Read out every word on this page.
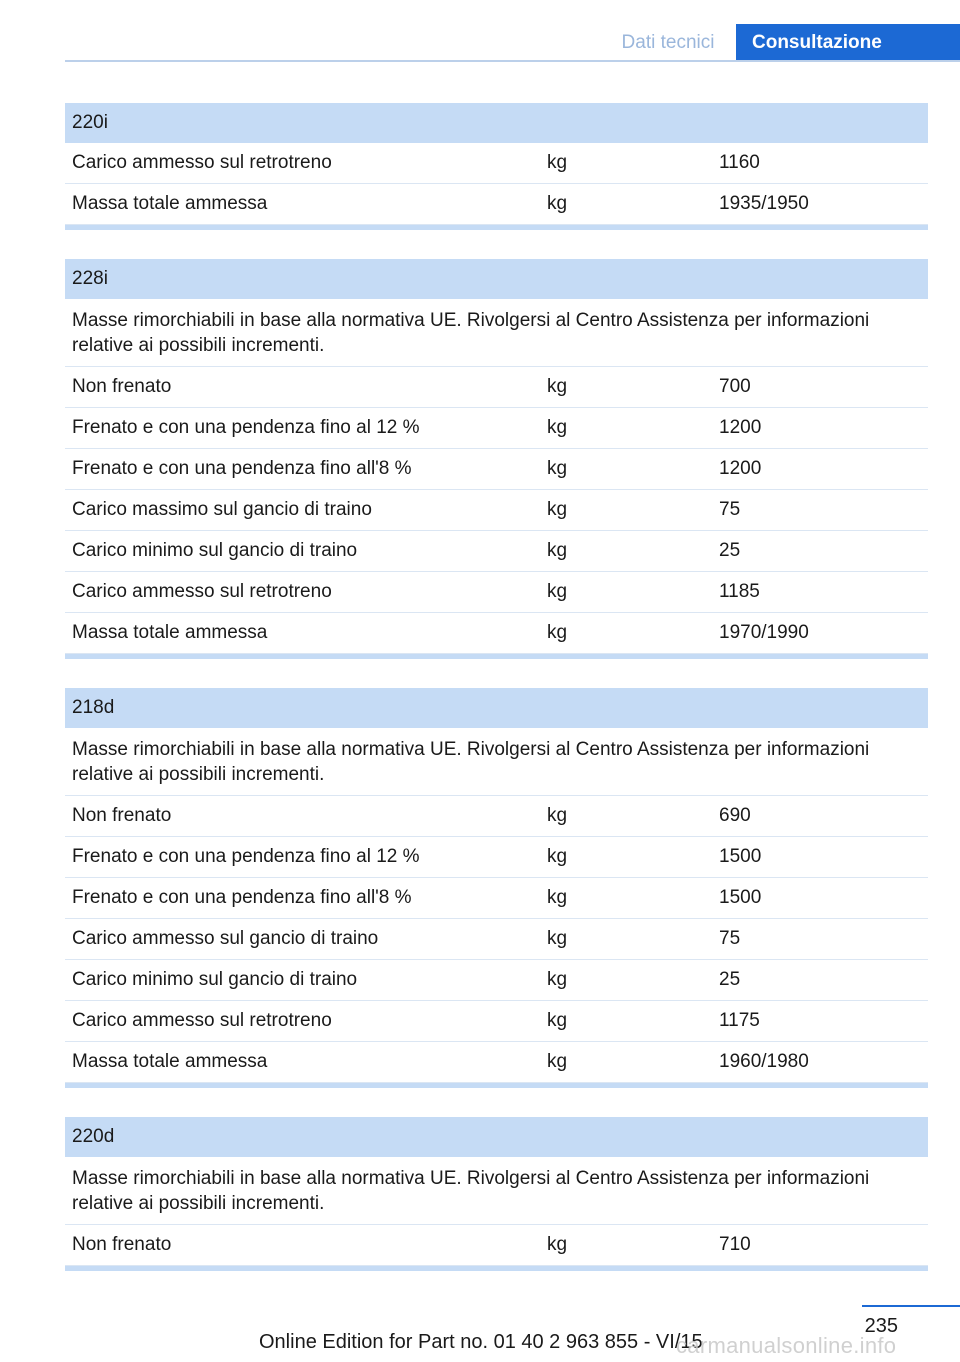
Dati tecnici	Consultazione
220i
Carico ammesso sul retrotreno	kg	1160
Massa totale ammessa	kg	1935/1950
228i
Masse rimorchiabili in base alla normativa UE. Rivolgersi al Centro Assistenza per informazioni relative ai possibili incrementi.
Non frenato	kg	700
Frenato e con una pendenza fino al 12 %	kg	1200
Frenato e con una pendenza fino all'8 %	kg	1200
Carico massimo sul gancio di traino	kg	75
Carico minimo sul gancio di traino	kg	25
Carico ammesso sul retrotreno	kg	1185
Massa totale ammessa	kg	1970/1990
218d
Masse rimorchiabili in base alla normativa UE. Rivolgersi al Centro Assistenza per informazioni relative ai possibili incrementi.
Non frenato	kg	690
Frenato e con una pendenza fino al 12 %	kg	1500
Frenato e con una pendenza fino all'8 %	kg	1500
Carico ammesso sul gancio di traino	kg	75
Carico minimo sul gancio di traino	kg	25
Carico ammesso sul retrotreno	kg	1175
Massa totale ammessa	kg	1960/1980
220d
Masse rimorchiabili in base alla normativa UE. Rivolgersi al Centro Assistenza per informazioni relative ai possibili incrementi.
Non frenato	kg	710
235
Online Edition for Part no. 01 40 2 963 855 - VI/15
carmanualsonline.info
